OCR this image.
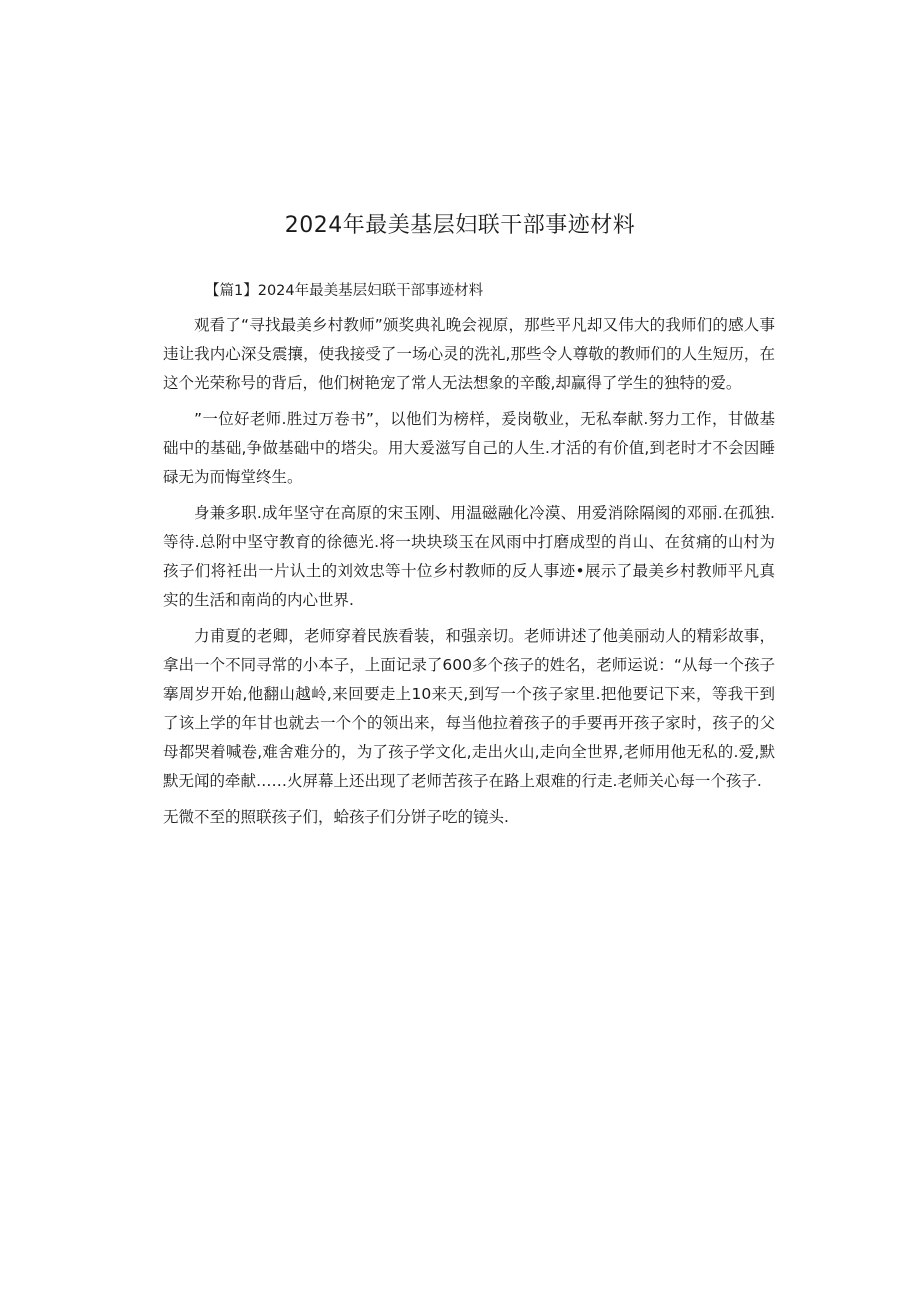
2024年最美基层妇联干部事迹材料

【篇1】2024年最美基层妇联干部事迹材料

观看了“寻找最美乡村教师”颁奖典礼晚会视原，那些平凡却又伟大的我师们的感人事违让我内心深殳震攘，使我接受了一场心灵的洗礼,那些令人尊敬的教师们的人生短历，在这个光荣称号的背后，他们树艳宠了常人无法想象的辛酸,却赢得了学生的独特的爱。

”一位好老师.胜过万卷书”，以他们为榜样，爰岗敬业，无私奉献.努力工作，甘做基础中的基础,争做基础中的塔尖。用大爰滋写自己的人生.才活的有价值,到老时才不会因睡碌无为而悔堂终生。

身兼多职.成年坚守在高原的宋玉刚、用温磁融化冷漠、用爱消除隔阂的邓丽.在孤独.等待.总附中坚守教育的徐德光.将一块块琰玉在风雨中打磨成型的肖山、在贫痛的山村为孩子们将衽出一片认土的刘效忠等十位乡村教师的反人事迹•展示了最美乡村教师平凡真实的生活和南尚的内心世界.

力甫夏的老卿，老师穿着民族看装，和强亲切。老师讲述了他美丽动人的精彩故事，拿出一个不同寻常的小本子，上面记录了600多个孩子的姓名，老师运说：“从每一个孩子搴周岁开始,他翻山越岭,来回要走上10来天,到写一个孩子家里.把他要记下来，等我干到了该上学的年甘也就去一个个的领出来，每当他拉着孩子的手要再开孩子家时，孩子的父母都哭着喊卷,难舍难分的，为了孩子学文化,走出火山,走向全世界,老师用他无私的.爱,默默无闻的牵献……火屏幕上还出现了老师苦孩子在路上艰难的行走.老师关心每一个孩子.

无微不至的照联孩子们，蛤孩子们分饼子吃的镜头.
